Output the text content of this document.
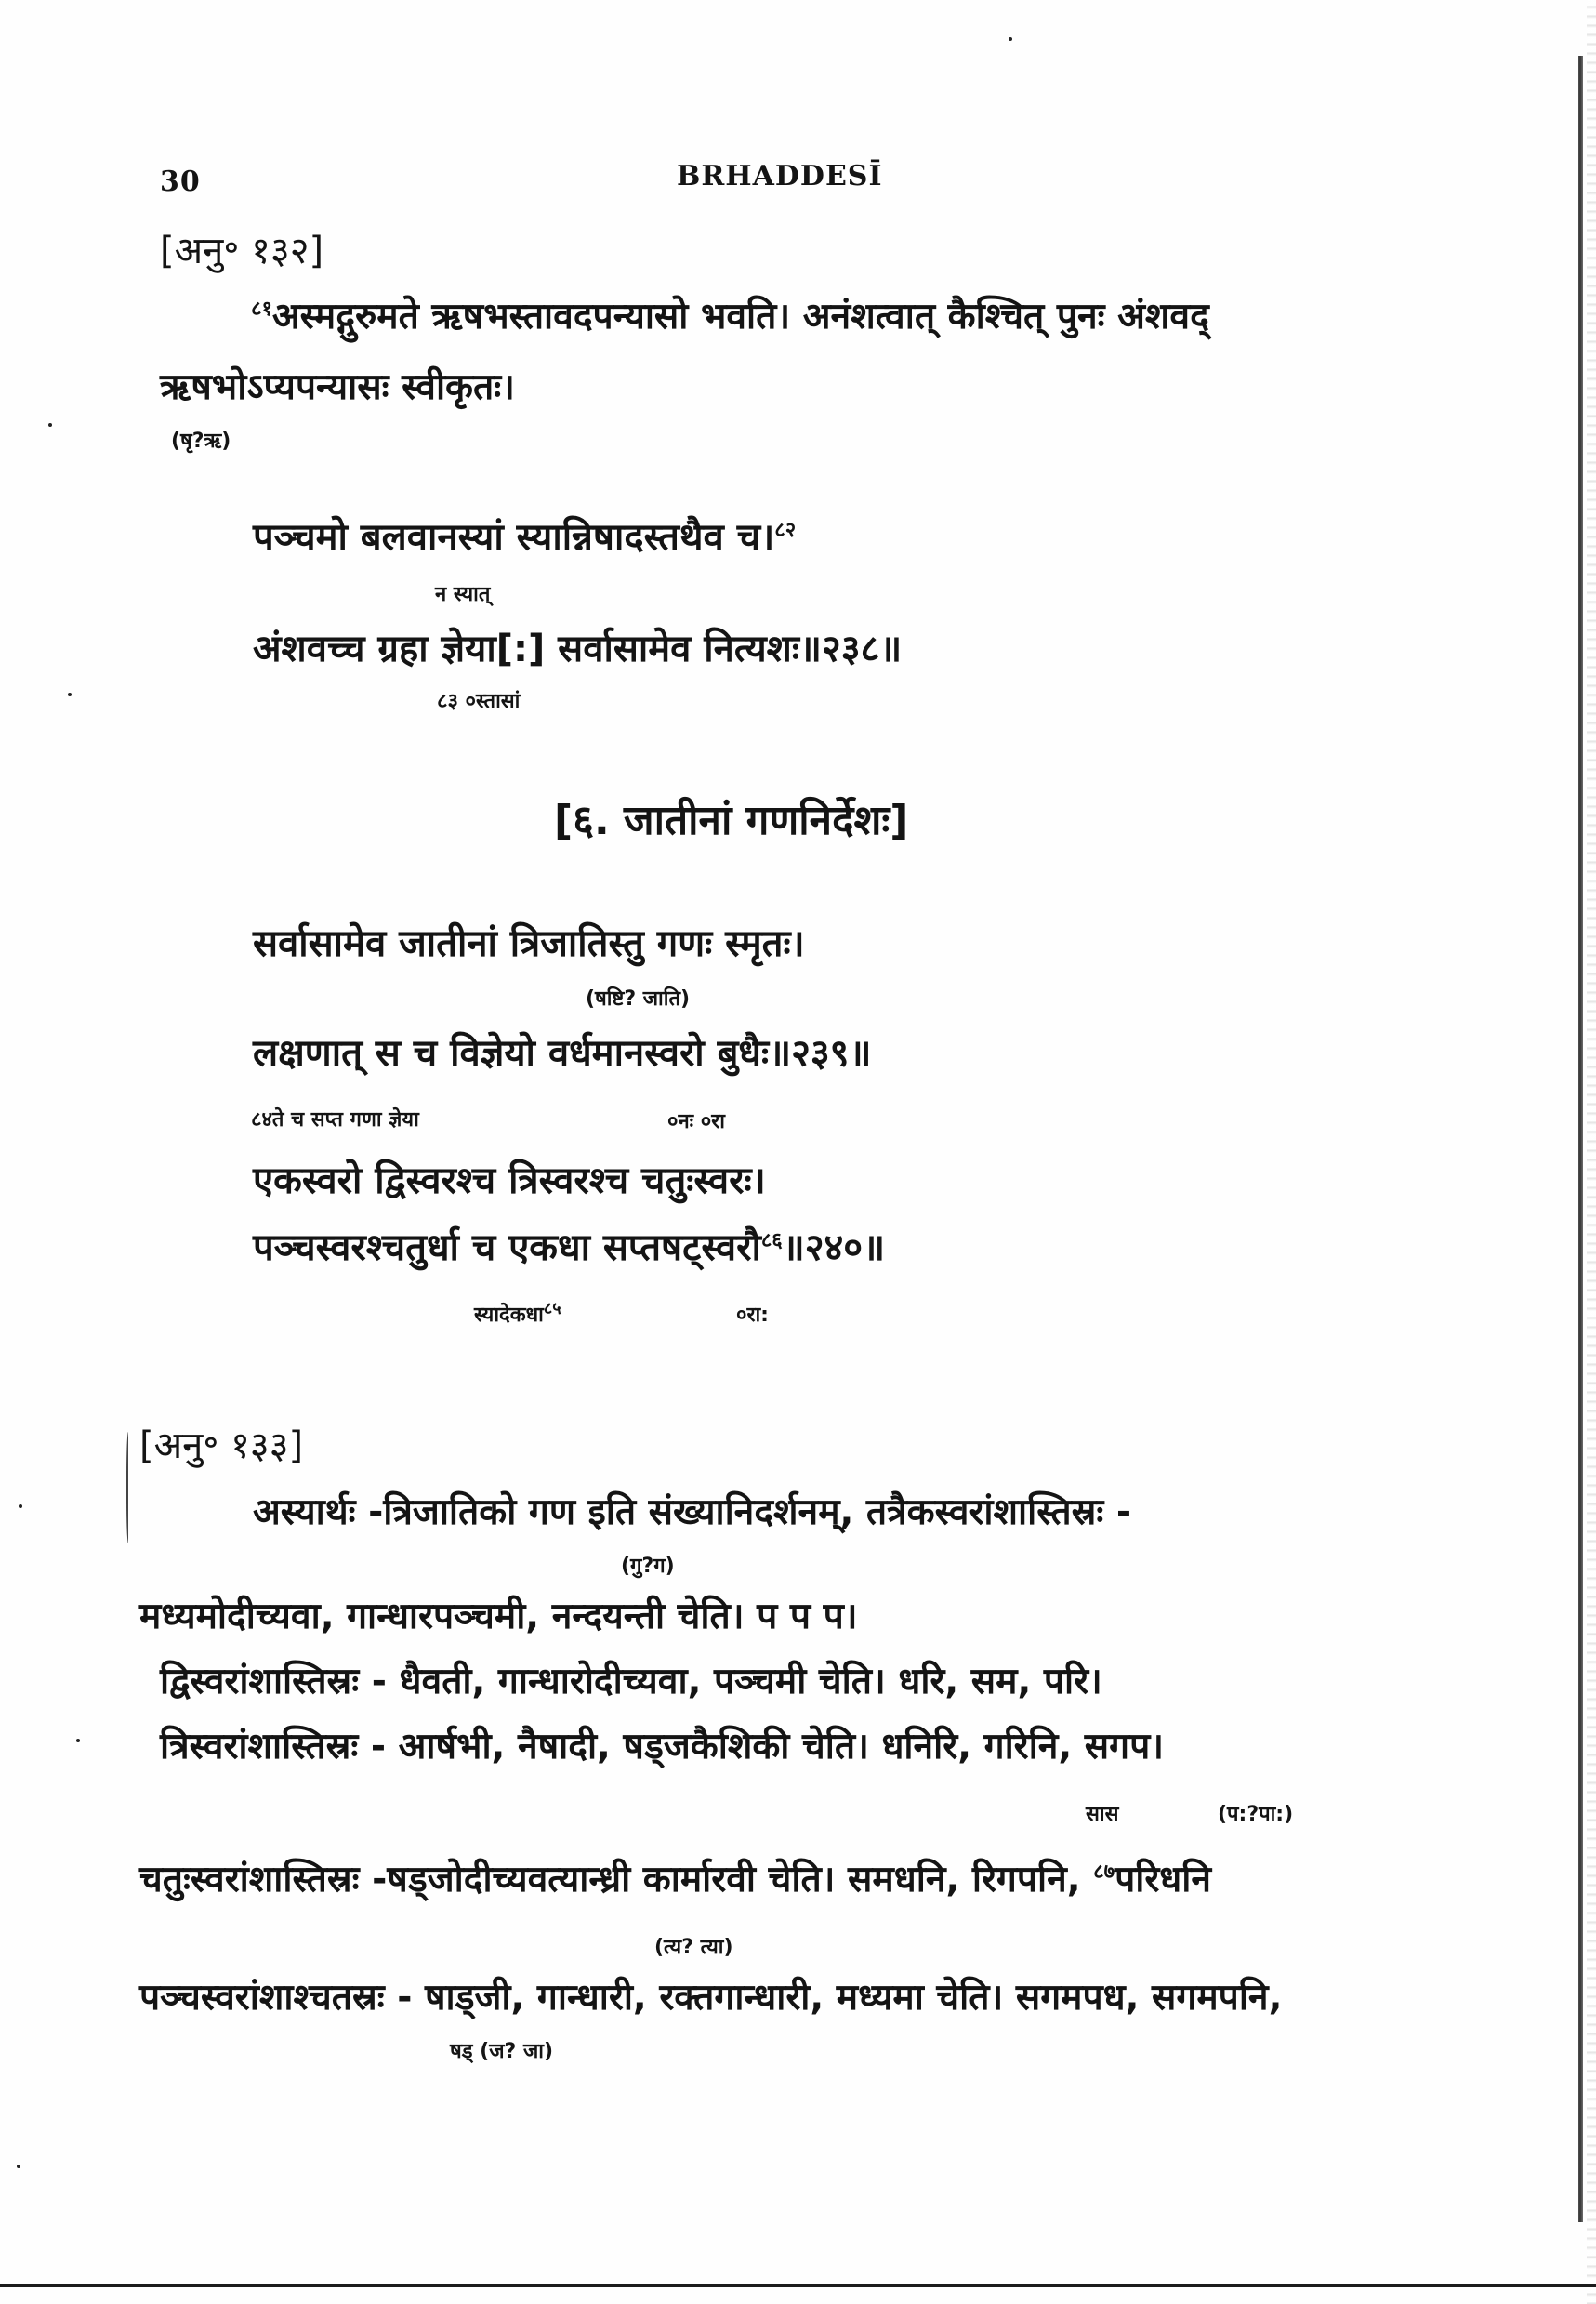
30	BRHADDESĪ
[अनु॰ १३२]
$^{८१}$अस्मद्गुरुमते ऋषभस्तावदपन्यासो भवति। अनंशत्वात् कैश्चित् पुनः अंशवद्
ऋषभोऽप्यपन्यासः स्वीकृतः।
(षृ?ऋ)
पञ्चमो बलवानस्यां स्यान्निषादस्तथैव च।$^{८२}$
न स्यात्
अंशवच्च ग्रहा ज्ञेया[:] सर्वासामेव नित्यशः॥२३८॥
८३ ०स्तासां
[६. जातीनां गणनिर्देशः]
सर्वासामेव जातीनां त्रिजातिस्तु गणः स्मृतः।
(षष्टि? जाति)
लक्षणात् स च विज्ञेयो वर्धमानस्वरो बुधैः॥२३९॥
८४ते च सप्त गणा ज्ञेया	०नः ०रा
एकस्वरो द्विस्वरश्च त्रिस्वरश्च चतुःस्वरः।
पञ्चस्वरश्चतुर्धा च एकधा सप्तषट्स्वरौ$^{८६}$॥२४०॥
स्यादेकधा$^{८५}$	०रा:
[अनु॰ १३३]
अस्यार्थः -त्रिजातिको गण इति संख्यानिदर्शनम्, तत्रैकस्वरांशास्तिस्रः -
(गु?ग)
मध्यमोदीच्यवा, गान्धारपञ्चमी, नन्दयन्ती चेति। प प प।
द्विस्वरांशास्तिस्रः - धैवती, गान्धारोदीच्यवा, पञ्चमी चेति। धरि, सम, परि।
त्रिस्वरांशास्तिस्रः - आर्षभी, नैषादी, षड्जकैशिकी चेति। धनिरि, गरिनि, सगप।
सास	(प:?पा:)
चतुःस्वरांशास्तिस्रः -षड्जोदीच्यवत्यान्ध्री कार्मारवी चेति। समधनि, रिगपनि, $^{८७}$परिधनि
(त्य? त्या)
पञ्चस्वरांशाश्चतस्रः - षाड्जी, गान्धारी, रक्तगान्धारी, मध्यमा चेति। सगमपध, सगमपनि,
षड् (ज? जा)
